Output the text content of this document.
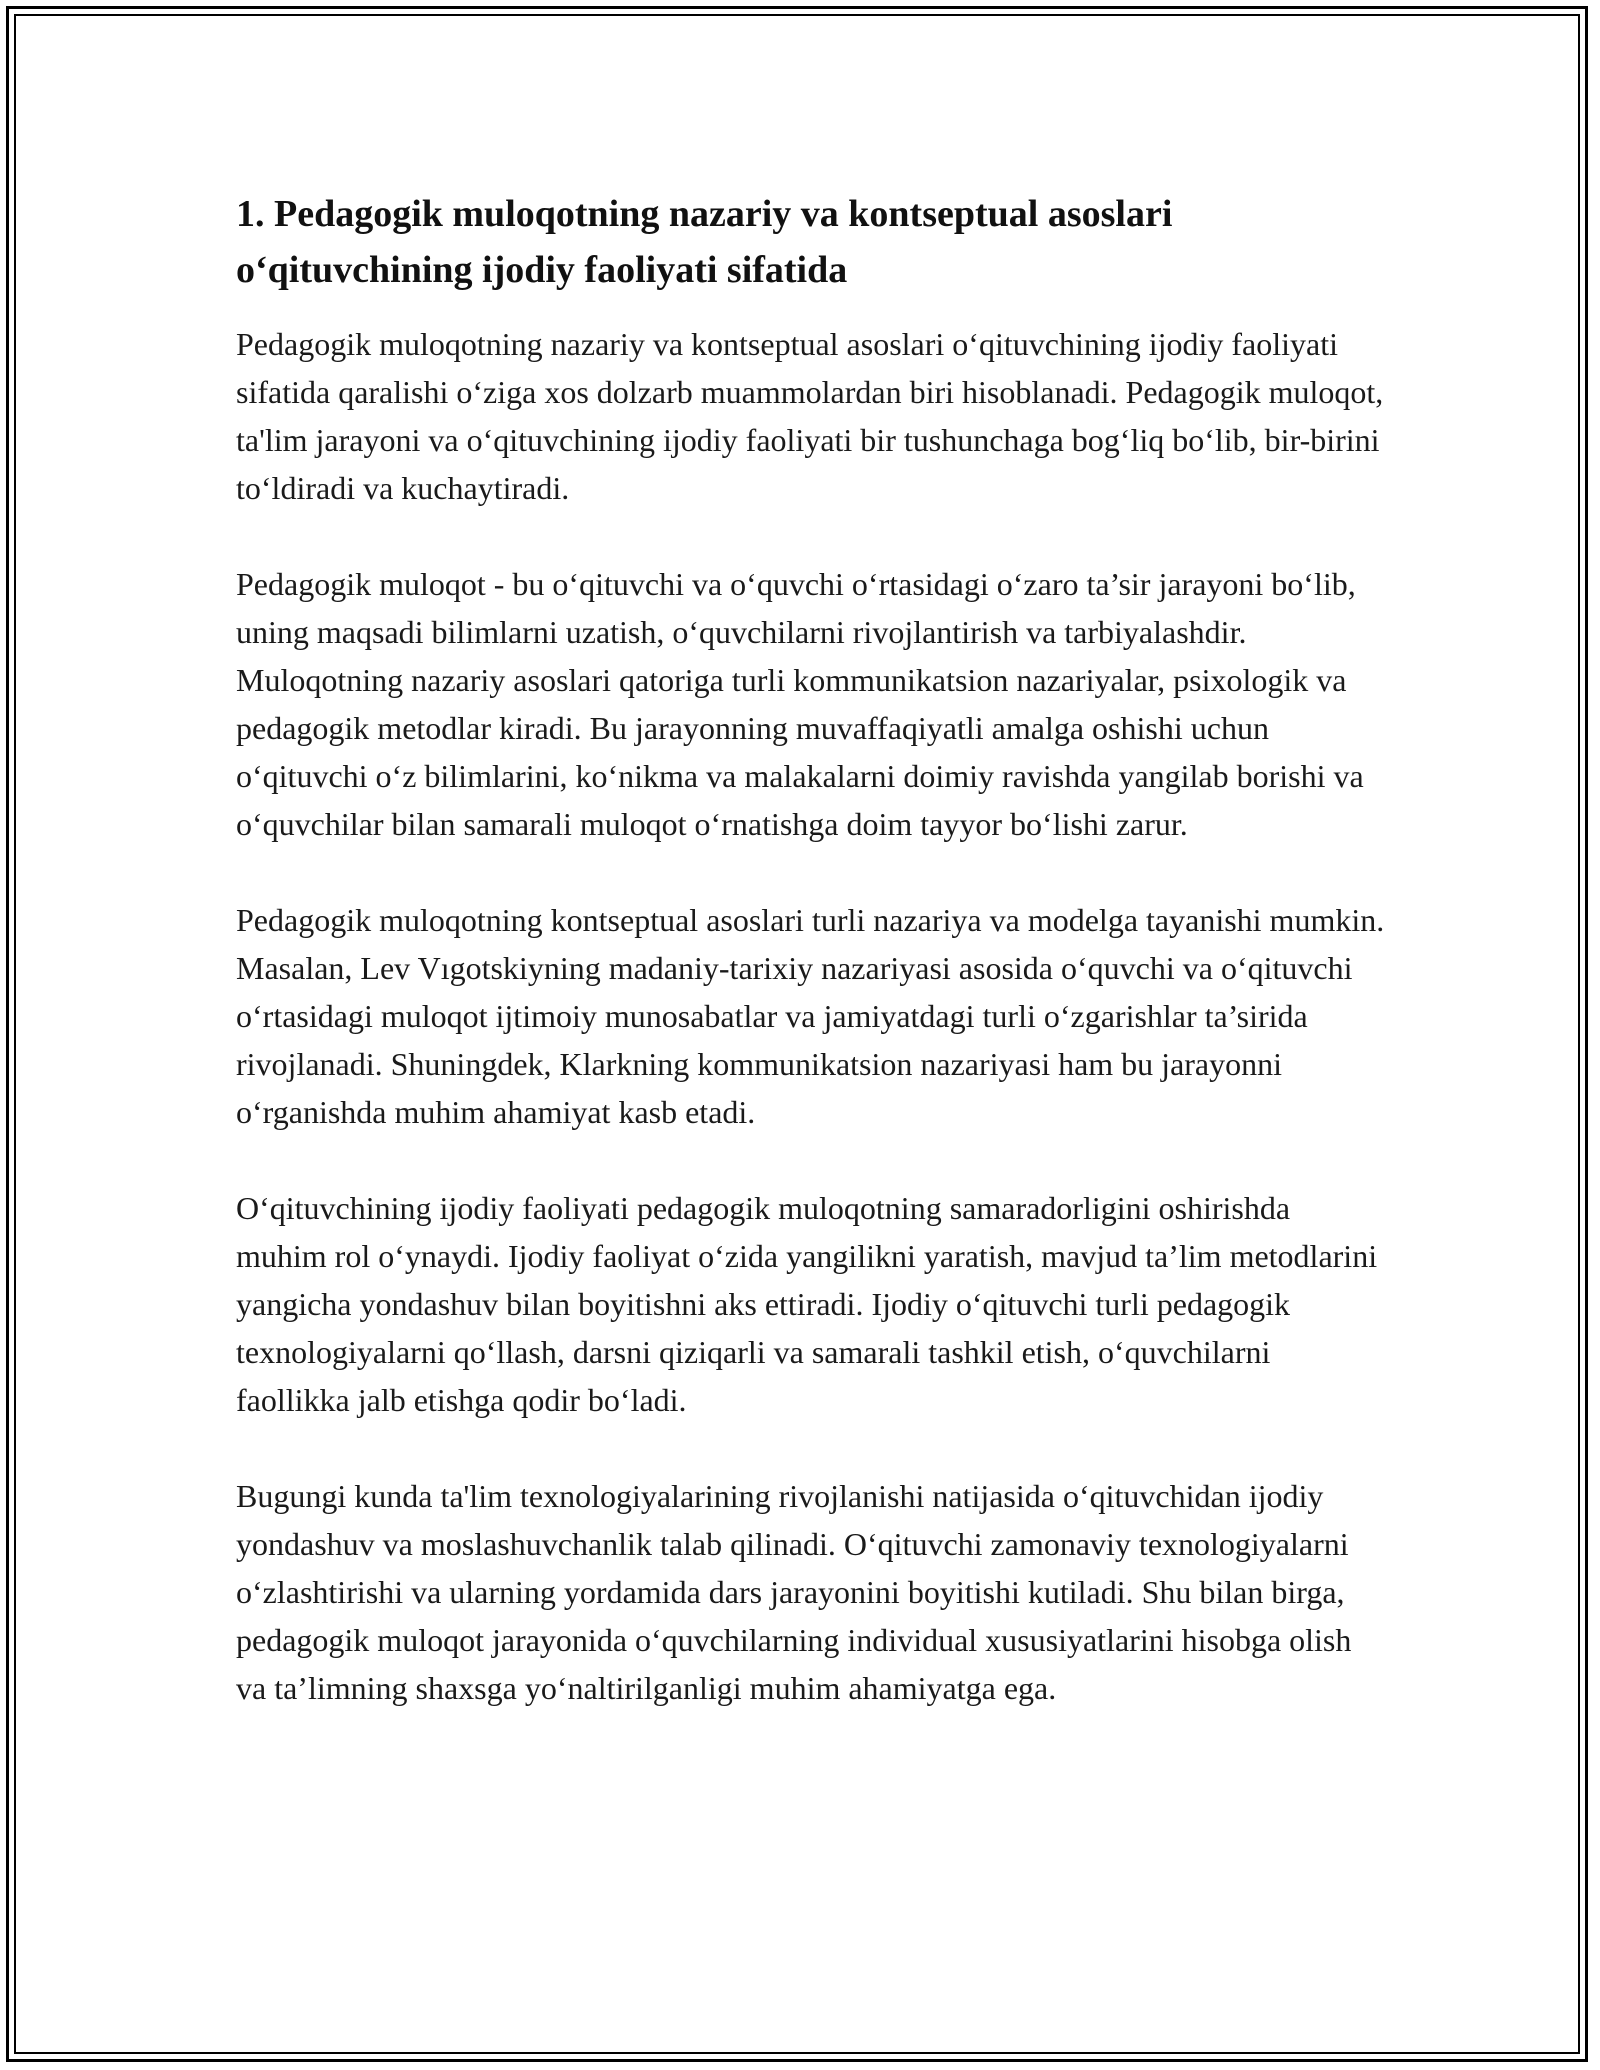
1. Pedagogik muloqotning nazariy va kontseptual asoslari
o‘qituvchining ijodiy faoliyati sifatida

Pedagogik muloqotning nazariy va kontseptual asoslari o‘qituvchining ijodiy faoliyati sifatida qaralishi o‘ziga xos dolzarb muammolardan biri hisoblanadi. Pedagogik muloqot, ta'lim jarayoni va o‘qituvchining ijodiy faoliyati bir tushunchaga bog‘liq bo‘lib, bir-birini to‘ldiradi va kuchaytiradi.

Pedagogik muloqot - bu o‘qituvchi va o‘quvchi o‘rtasidagi o‘zaro ta’sir jarayoni bo‘lib, uning maqsadi bilimlarni uzatish, o‘quvchilarni rivojlantirish va tarbiyalashdir. Muloqotning nazariy asoslari qatoriga turli kommunikatsion nazariyalar, psixologik va pedagogik metodlar kiradi. Bu jarayonning muvaffaqiyatli amalga oshishi uchun o‘qituvchi o‘z bilimlarini, ko‘nikma va malakalarni doimiy ravishda yangilab borishi va o‘quvchilar bilan samarali muloqot o‘rnatishga doim tayyor bo‘lishi zarur.

Pedagogik muloqotning kontseptual asoslari turli nazariya va modelga tayanishi mumkin. Masalan, Lev Vıgotskiyning madaniy-tarixiy nazariyasi asosida o‘quvchi va o‘qituvchi o‘rtasidagi muloqot ijtimoiy munosabatlar va jamiyatdagi turli o‘zgarishlar ta’sirida rivojlanadi. Shuningdek, Klarkning kommunikatsion nazariyasi ham bu jarayonni o‘rganishda muhim ahamiyat kasb etadi.

O‘qituvchining ijodiy faoliyati pedagogik muloqotning samaradorligini oshirishda muhim rol o‘ynaydi. Ijodiy faoliyat o‘zida yangilikni yaratish, mavjud ta’lim metodlarini yangicha yondashuv bilan boyitishni aks ettiradi. Ijodiy o‘qituvchi turli pedagogik texnologiyalarni qo‘llash, darsni qiziqarli va samarali tashkil etish, o‘quvchilarni faollikka jalb etishga qodir bo‘ladi.

Bugungi kunda ta'lim texnologiyalarining rivojlanishi natijasida o‘qituvchidan ijodiy yondashuv va moslashuvchanlik talab qilinadi. O‘qituvchi zamonaviy texnologiyalarni o‘zlashtirishi va ularning yordamida dars jarayonini boyitishi kutiladi. Shu bilan birga, pedagogik muloqot jarayonida o‘quvchilarning individual xususiyatlarini hisobga olish va ta’limning shaxsga yo‘naltirilganligi muhim ahamiyatga ega.
